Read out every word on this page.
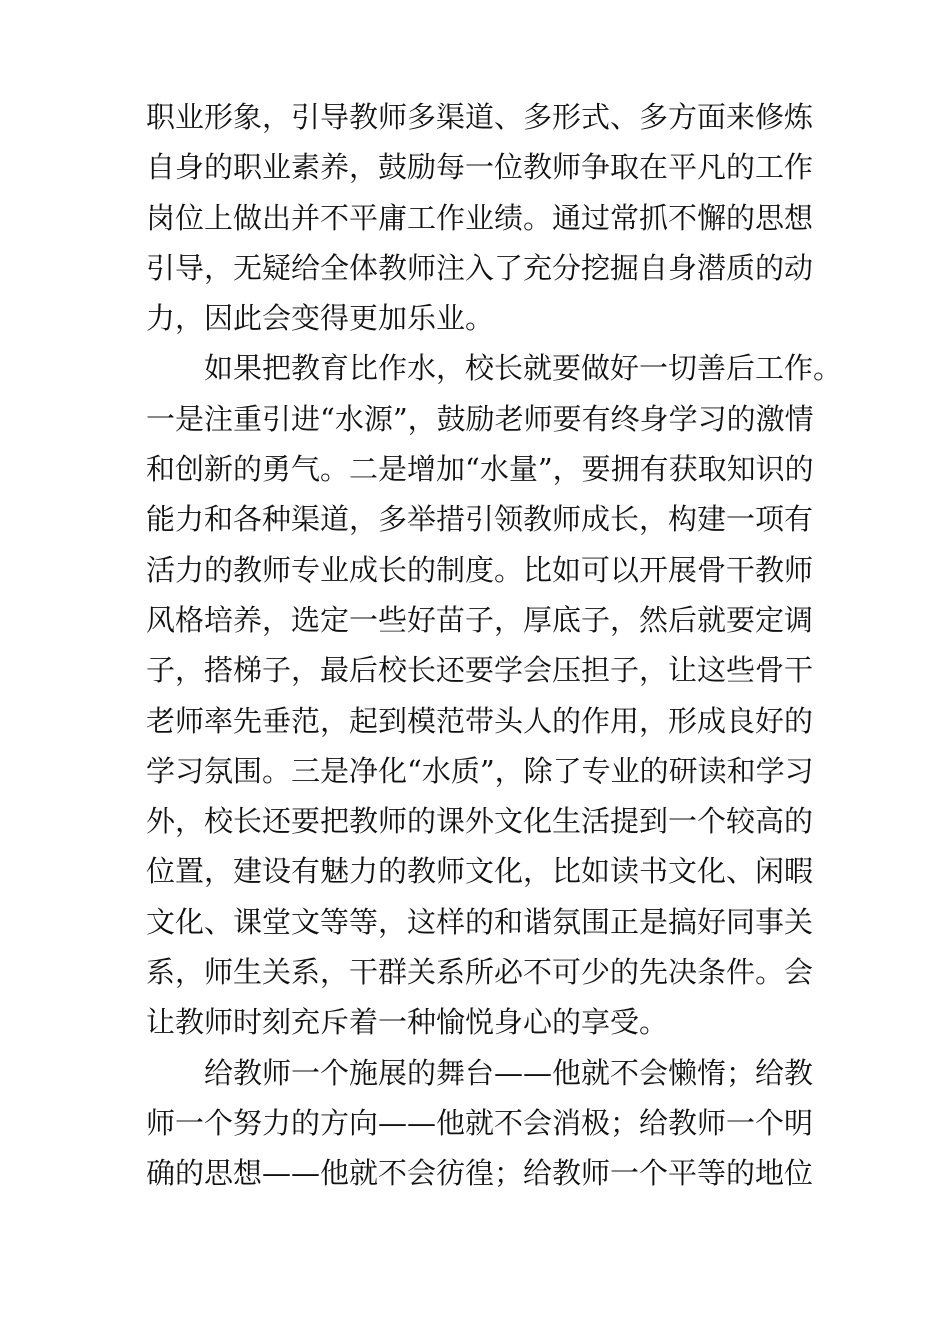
职业形象，引导教师多渠道、多形式、多方面来修炼
自身的职业素养，鼓励每一位教师争取在平凡的工作
岗位上做出并不平庸工作业绩。通过常抓不懈的思想
引导，无疑给全体教师注入了充分挖掘自身潜质的动
力，因此会变得更加乐业。
如果把教育比作水，校长就要做好一切善后工作。
一是注重引进“水源”，鼓励老师要有终身学习的激情
和创新的勇气。二是增加“水量”，要拥有获取知识的
能力和各种渠道，多举措引领教师成长，构建一项有
活力的教师专业成长的制度。比如可以开展骨干教师
风格培养，选定一些好苗子，厚底子，然后就要定调
子，搭梯子，最后校长还要学会压担子，让这些骨干
老师率先垂范，起到模范带头人的作用，形成良好的
学习氛围。三是净化“水质”，除了专业的研读和学习
外，校长还要把教师的课外文化生活提到一个较高的
位置，建设有魅力的教师文化，比如读书文化、闲暇
文化、课堂文等等，这样的和谐氛围正是搞好同事关
系，师生关系，干群关系所必不可少的先决条件。会
让教师时刻充斥着一种愉悦身心的享受。
给教师一个施展的舞台——他就不会懒惰；给教
师一个努力的方向——他就不会消极；给教师一个明
确的思想——他就不会彷徨；给教师一个平等的地位
